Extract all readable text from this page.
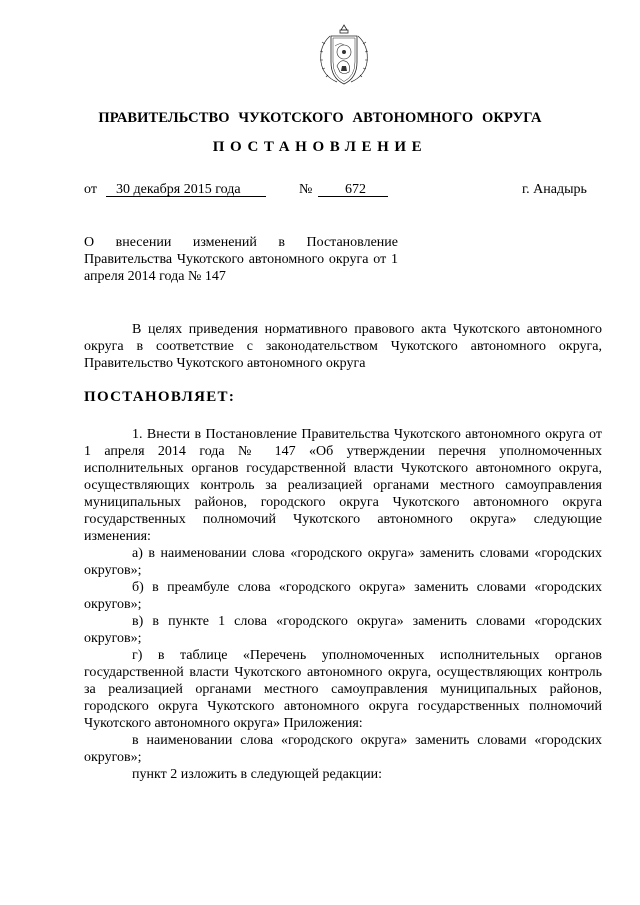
ПРАВИТЕЛЬСТВО ЧУКОТСКОГО АВТОНОМНОГО ОКРУГА
ПОСТАНОВЛЕНИЕ
от 30 декабря 2015 года	№ 672	г. Анадырь
О внесении изменений в Постановление Правительства Чукотского автономного округа от 1 апреля 2014 года № 147

В целях приведения нормативного правового акта Чукотского автономного округа в соответствие с законодательством Чукотского автономного округа, Правительство Чукотского автономного округа

ПОСТАНОВЛЯЕТ:

1. Внести в Постановление Правительства Чукотского автономного округа от 1 апреля 2014 года № 147 «Об утверждении перечня уполномоченных исполнительных органов государственной власти Чукотского автономного округа, осуществляющих контроль за реализацией органами местного самоуправления муниципальных районов, городского округа Чукотского автономного округа государственных полномочий Чукотского автономного округа» следующие изменения:

а) в наименовании слова «городского округа» заменить словами «городских округов»;

б) в преамбуле слова «городского округа» заменить словами «городских округов»;

в) в пункте 1 слова «городского округа» заменить словами «городских округов»;

г) в таблице «Перечень уполномоченных исполнительных органов государственной власти Чукотского автономного округа, осуществляющих контроль за реализацией органами местного самоуправления муниципальных районов, городского округа Чукотского автономного округа государственных полномочий Чукотского автономного округа» Приложения:

в наименовании слова «городского округа» заменить словами «городских округов»;

пункт 2 изложить в следующей редакции:
